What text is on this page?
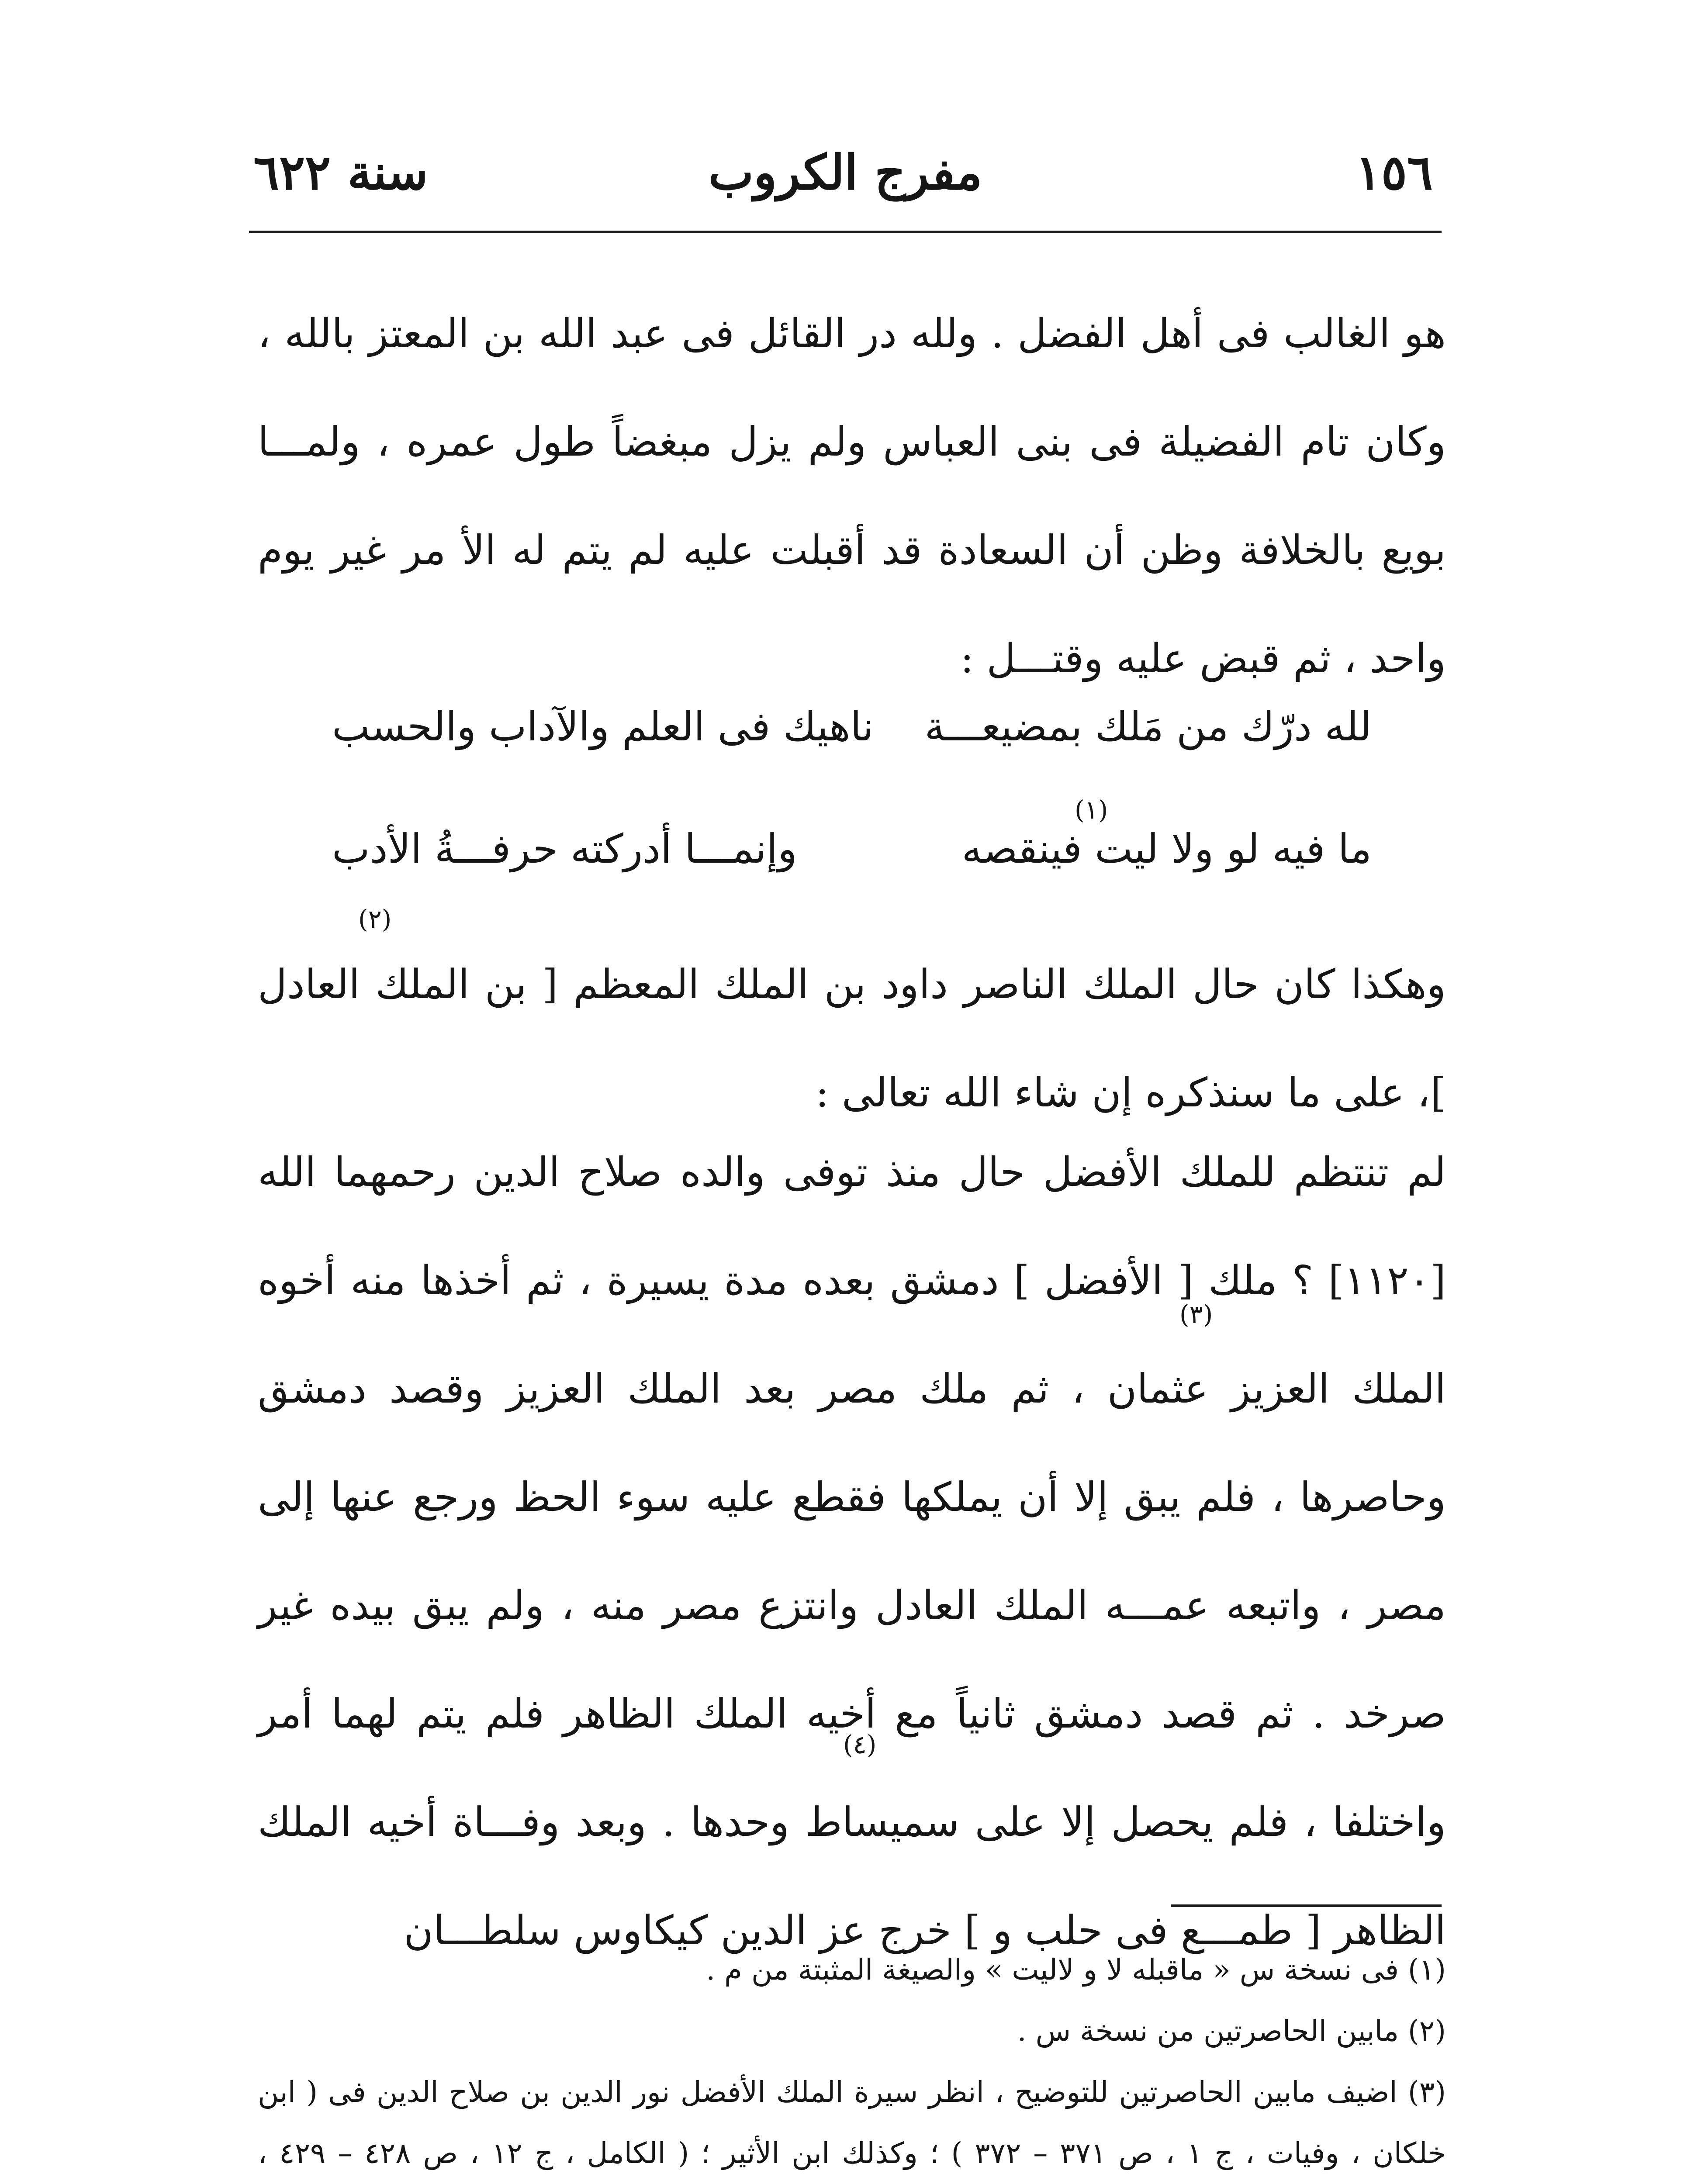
١٥٦
مفرج الكروب
سنة ٦٢٢

هو الغالب فى أهل الفضل . ولله در القائل فى عبد الله بن المعتز بالله ، وكان تام الفضيلة فى بنى العباس ولم يزل مبغضاً طول عمره ، ولمـــا بويع بالخلافة وظن أن السعادة قد أقبلت عليه لم يتم له الأ مر غير يوم واحد ، ثم قبض عليه وقتـــل :

لله درّك من مَلك بمضيعـــة
ناهيك فى العلم والآداب والحسب
(١)
ما فيه لو ولا ليت فينقصه
وإنمـــا أدركته حرفـــةُ الأدب
(٢)

وهكذا كان حال الملك الناصر داود بن الملك المعظم [ بن الملك العادل ]، على ما سنذكره إن شاء الله تعالى :

(٣)
(٤)

لم تنتظم للملك الأفضل حال منذ توفى والده صلاح الدين رحمهما الله [١١٢٠] ؟ ملك [ الأفضل ] دمشق بعده مدة يسيرة ، ثم أخذها منه أخوه الملك العزيز عثمان ، ثم ملك مصر بعد الملك العزيز وقصد دمشق وحاصرها ، فلم يبق إلا أن يملكها فقطع عليه سوء الحظ ورجع عنها إلى مصر ، واتبعه عمـــه الملك العادل وانتزع مصر منه ، ولم يبق بيده غير صرخد . ثم قصد دمشق ثانياً مع أخيه الملك الظاهر فلم يتم لهما أمر واختلفا ، فلم يحصل إلا على سميساط وحدها . وبعد وفـــاة أخيه الملك الظاهر [ طمـــع فى حلب و ] خرج عز الدين كيكاوس سلطـــان

(١) فى نسخة س « ماقبله لا و لاليت » والصيغة المثبتة من م .

(٢) مابين الحاصرتين من نسخة س .

(٣) اضيف مابين الحاصرتين للتوضيح ، انظر سيرة الملك الأفضل نور الدين بن صلاح الدين فى ( ابن خلكان ، وفيات ، ج ١ ، ص ٣٧١ – ٣٧٢ ) ؛ وكذلك ابن الأثير ؛ ( الكامل ، ج ١٢ ، ص ٤٢٨ – ٤٢٩ ،
